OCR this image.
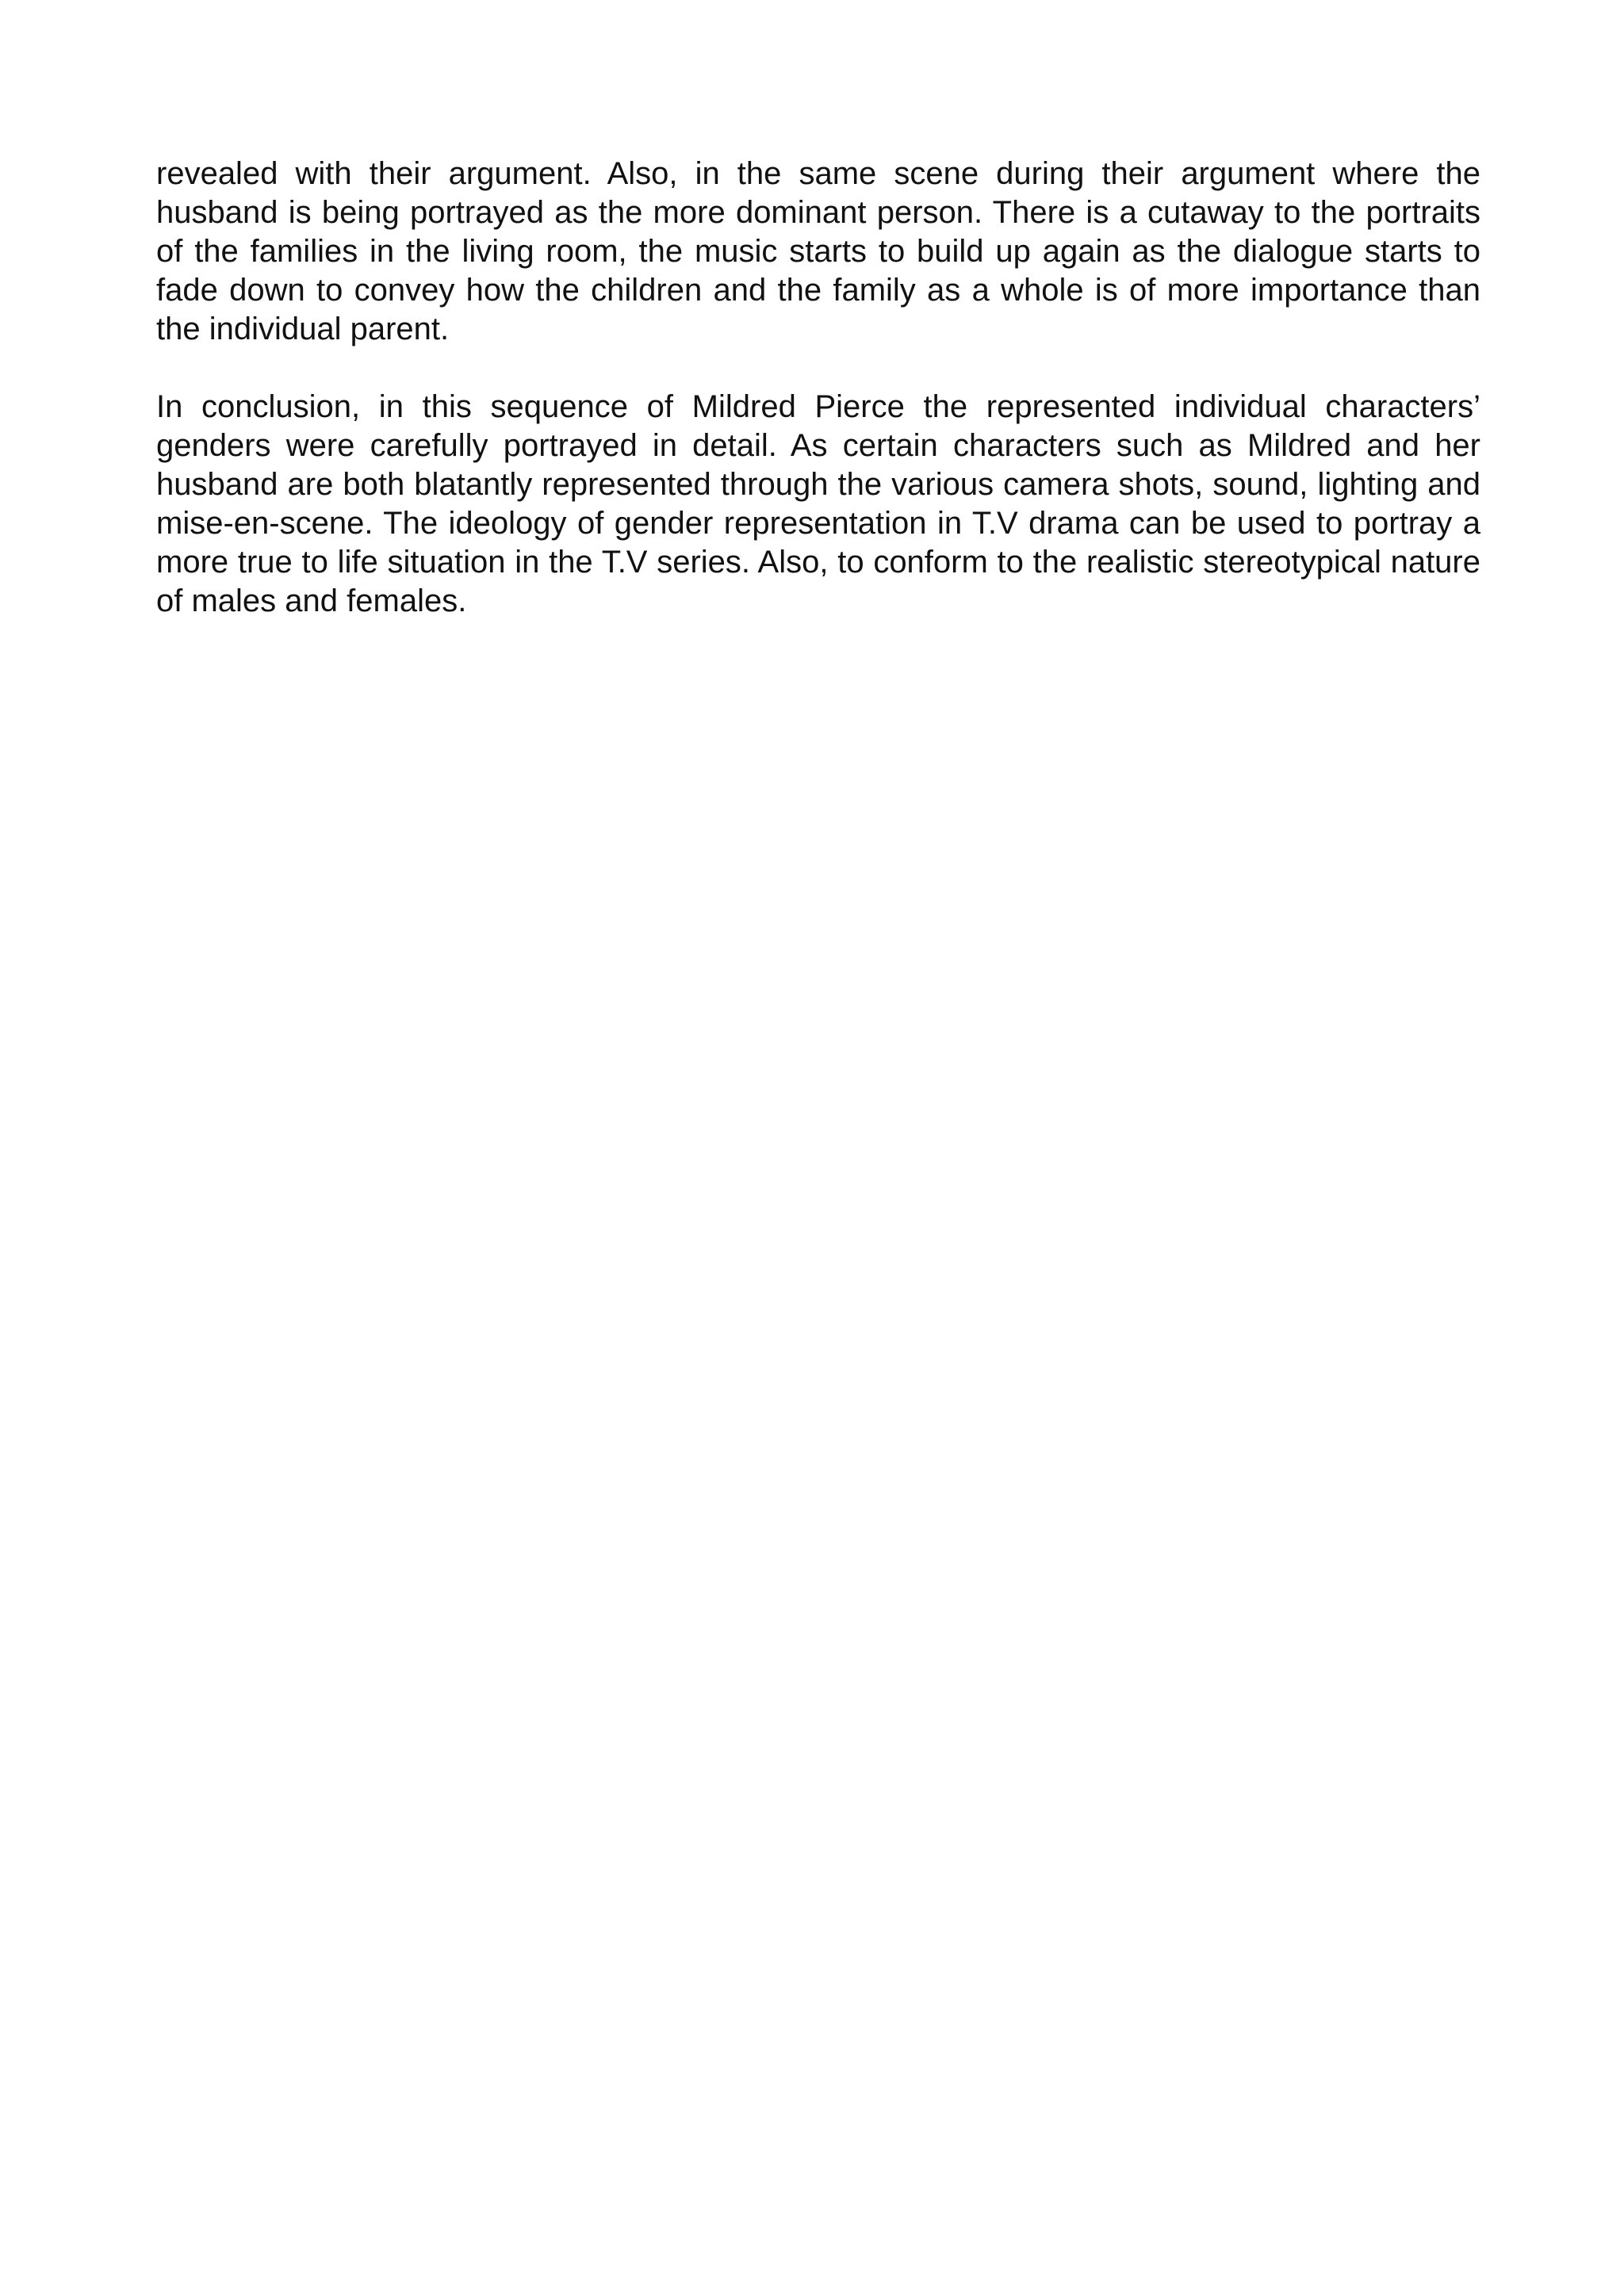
revealed with their argument. Also, in the same scene during their argument where the husband is being portrayed as the more dominant person. There is a cutaway to the portraits of the families in the living room, the music starts to build up again as the dialogue starts to fade down to convey how the children and the family as a whole is of more importance than the individual parent.

In conclusion, in this sequence of Mildred Pierce the represented individual characters’ genders were carefully portrayed in detail. As certain characters such as Mildred and her husband are both blatantly represented through the various camera shots, sound, lighting and mise-en-scene. The ideology of gender representation in T.V drama can be used to portray a more true to life situation in the T.V series. Also, to conform to the realistic stereotypical nature of males and females.
